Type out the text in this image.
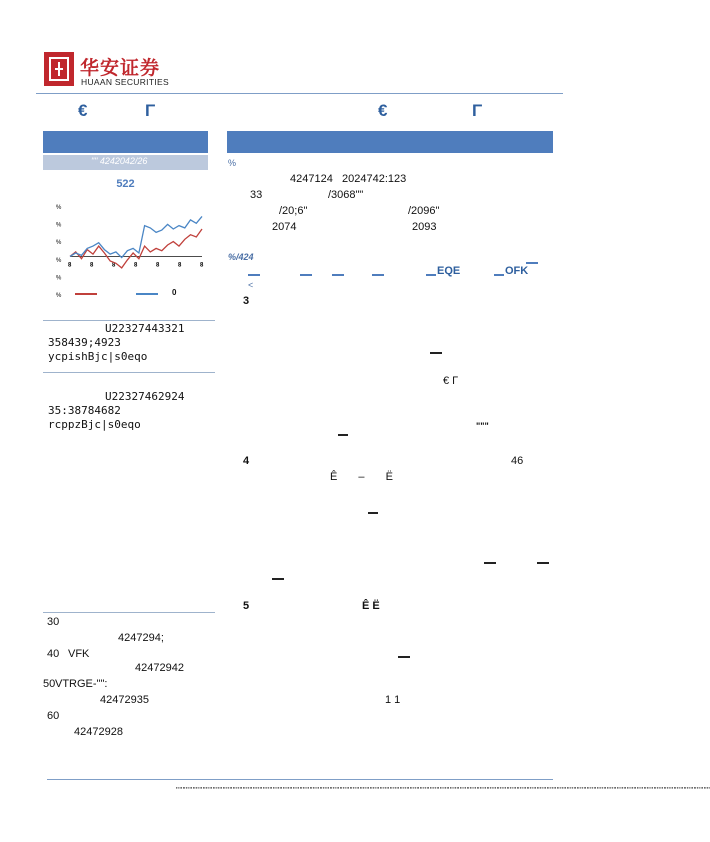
华安证券
HUAAN SECURITIES
€	Γ	€	Γ
"" 4242042/26
522
%
%
%
%
%
%
8	8	8	8	8	8	8
0
U22327443321
358439;4923
ycpishBjc|s0eqo
U22327462924
35:38784682
rcppzBjc|s0eqo
30
4247294;
40 VFK
42472942
50 VTRGE-"":
42472935
60
42472928
%
4247124 2024742:123
33	/3068""
/20;6"	/2096"
2074	2093
%/424
EQE	OFK
<
3
€ Γ
"""
4	46
Ê – Ë
5	Ê Ë
1 1
""""""""""""""""""""""""""""""""""""""""""""""""""""""""""""""""""""""""""""""""""""""""""""""""""""""""""""""""""""""""""""""""""""""""""""""""""""""""""""""""
